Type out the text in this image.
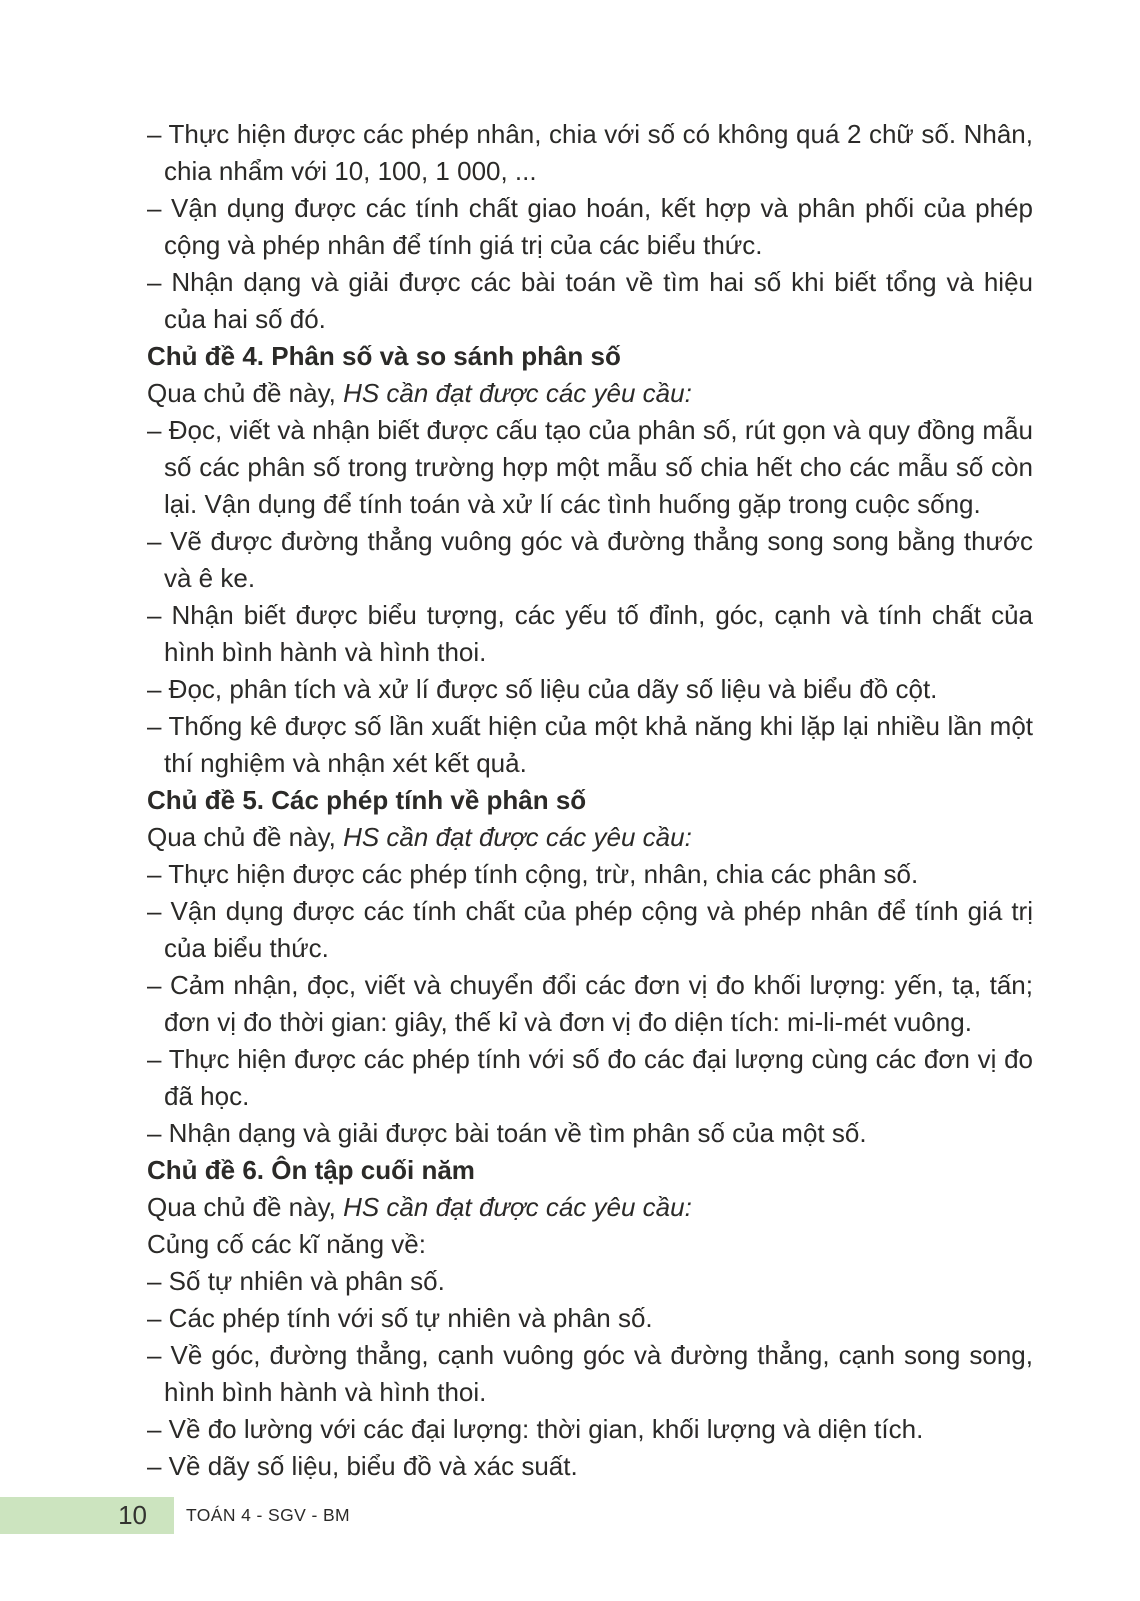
– Thực hiện được các phép nhân, chia với số có không quá 2 chữ số. Nhân, chia nhẩm với 10, 100, 1 000, ...

– Vận dụng được các tính chất giao hoán, kết hợp và phân phối của phép cộng và phép nhân để tính giá trị của các biểu thức.

– Nhận dạng và giải được các bài toán về tìm hai số khi biết tổng và hiệu của hai số đó.

Chủ đề 4. Phân số và so sánh phân số

Qua chủ đề này, HS cần đạt được các yêu cầu:

– Đọc, viết và nhận biết được cấu tạo của phân số, rút gọn và quy đồng mẫu số các phân số trong trường hợp một mẫu số chia hết cho các mẫu số còn lại. Vận dụng để tính toán và xử lí các tình huống gặp trong cuộc sống.

– Vẽ được đường thẳng vuông góc và đường thẳng song song bằng thước và ê ke.

– Nhận biết được biểu tượng, các yếu tố đỉnh, góc, cạnh và tính chất của hình bình hành và hình thoi.

– Đọc, phân tích và xử lí được số liệu của dãy số liệu và biểu đồ cột.

– Thống kê được số lần xuất hiện của một khả năng khi lặp lại nhiều lần một thí nghiệm và nhận xét kết quả.

Chủ đề 5. Các phép tính về phân số

Qua chủ đề này, HS cần đạt được các yêu cầu:

– Thực hiện được các phép tính cộng, trừ, nhân, chia các phân số.

– Vận dụng được các tính chất của phép cộng và phép nhân để tính giá trị của biểu thức.

– Cảm nhận, đọc, viết và chuyển đổi các đơn vị đo khối lượng: yến, tạ, tấn; đơn vị đo thời gian: giây, thế kỉ và đơn vị đo diện tích: mi-li-mét vuông.

– Thực hiện được các phép tính với số đo các đại lượng cùng các đơn vị đo đã học.

– Nhận dạng và giải được bài toán về tìm phân số của một số.

Chủ đề 6. Ôn tập cuối năm

Qua chủ đề này, HS cần đạt được các yêu cầu:

Củng cố các kĩ năng về:

– Số tự nhiên và phân số.

– Các phép tính với số tự nhiên và phân số.

– Về góc, đường thẳng, cạnh vuông góc và đường thẳng, cạnh song song, hình bình hành và hình thoi.

– Về đo lường với các đại lượng: thời gian, khối lượng và diện tích.

– Về dãy số liệu, biểu đồ và xác suất.

10 TOÁN 4 - SGV - BM
